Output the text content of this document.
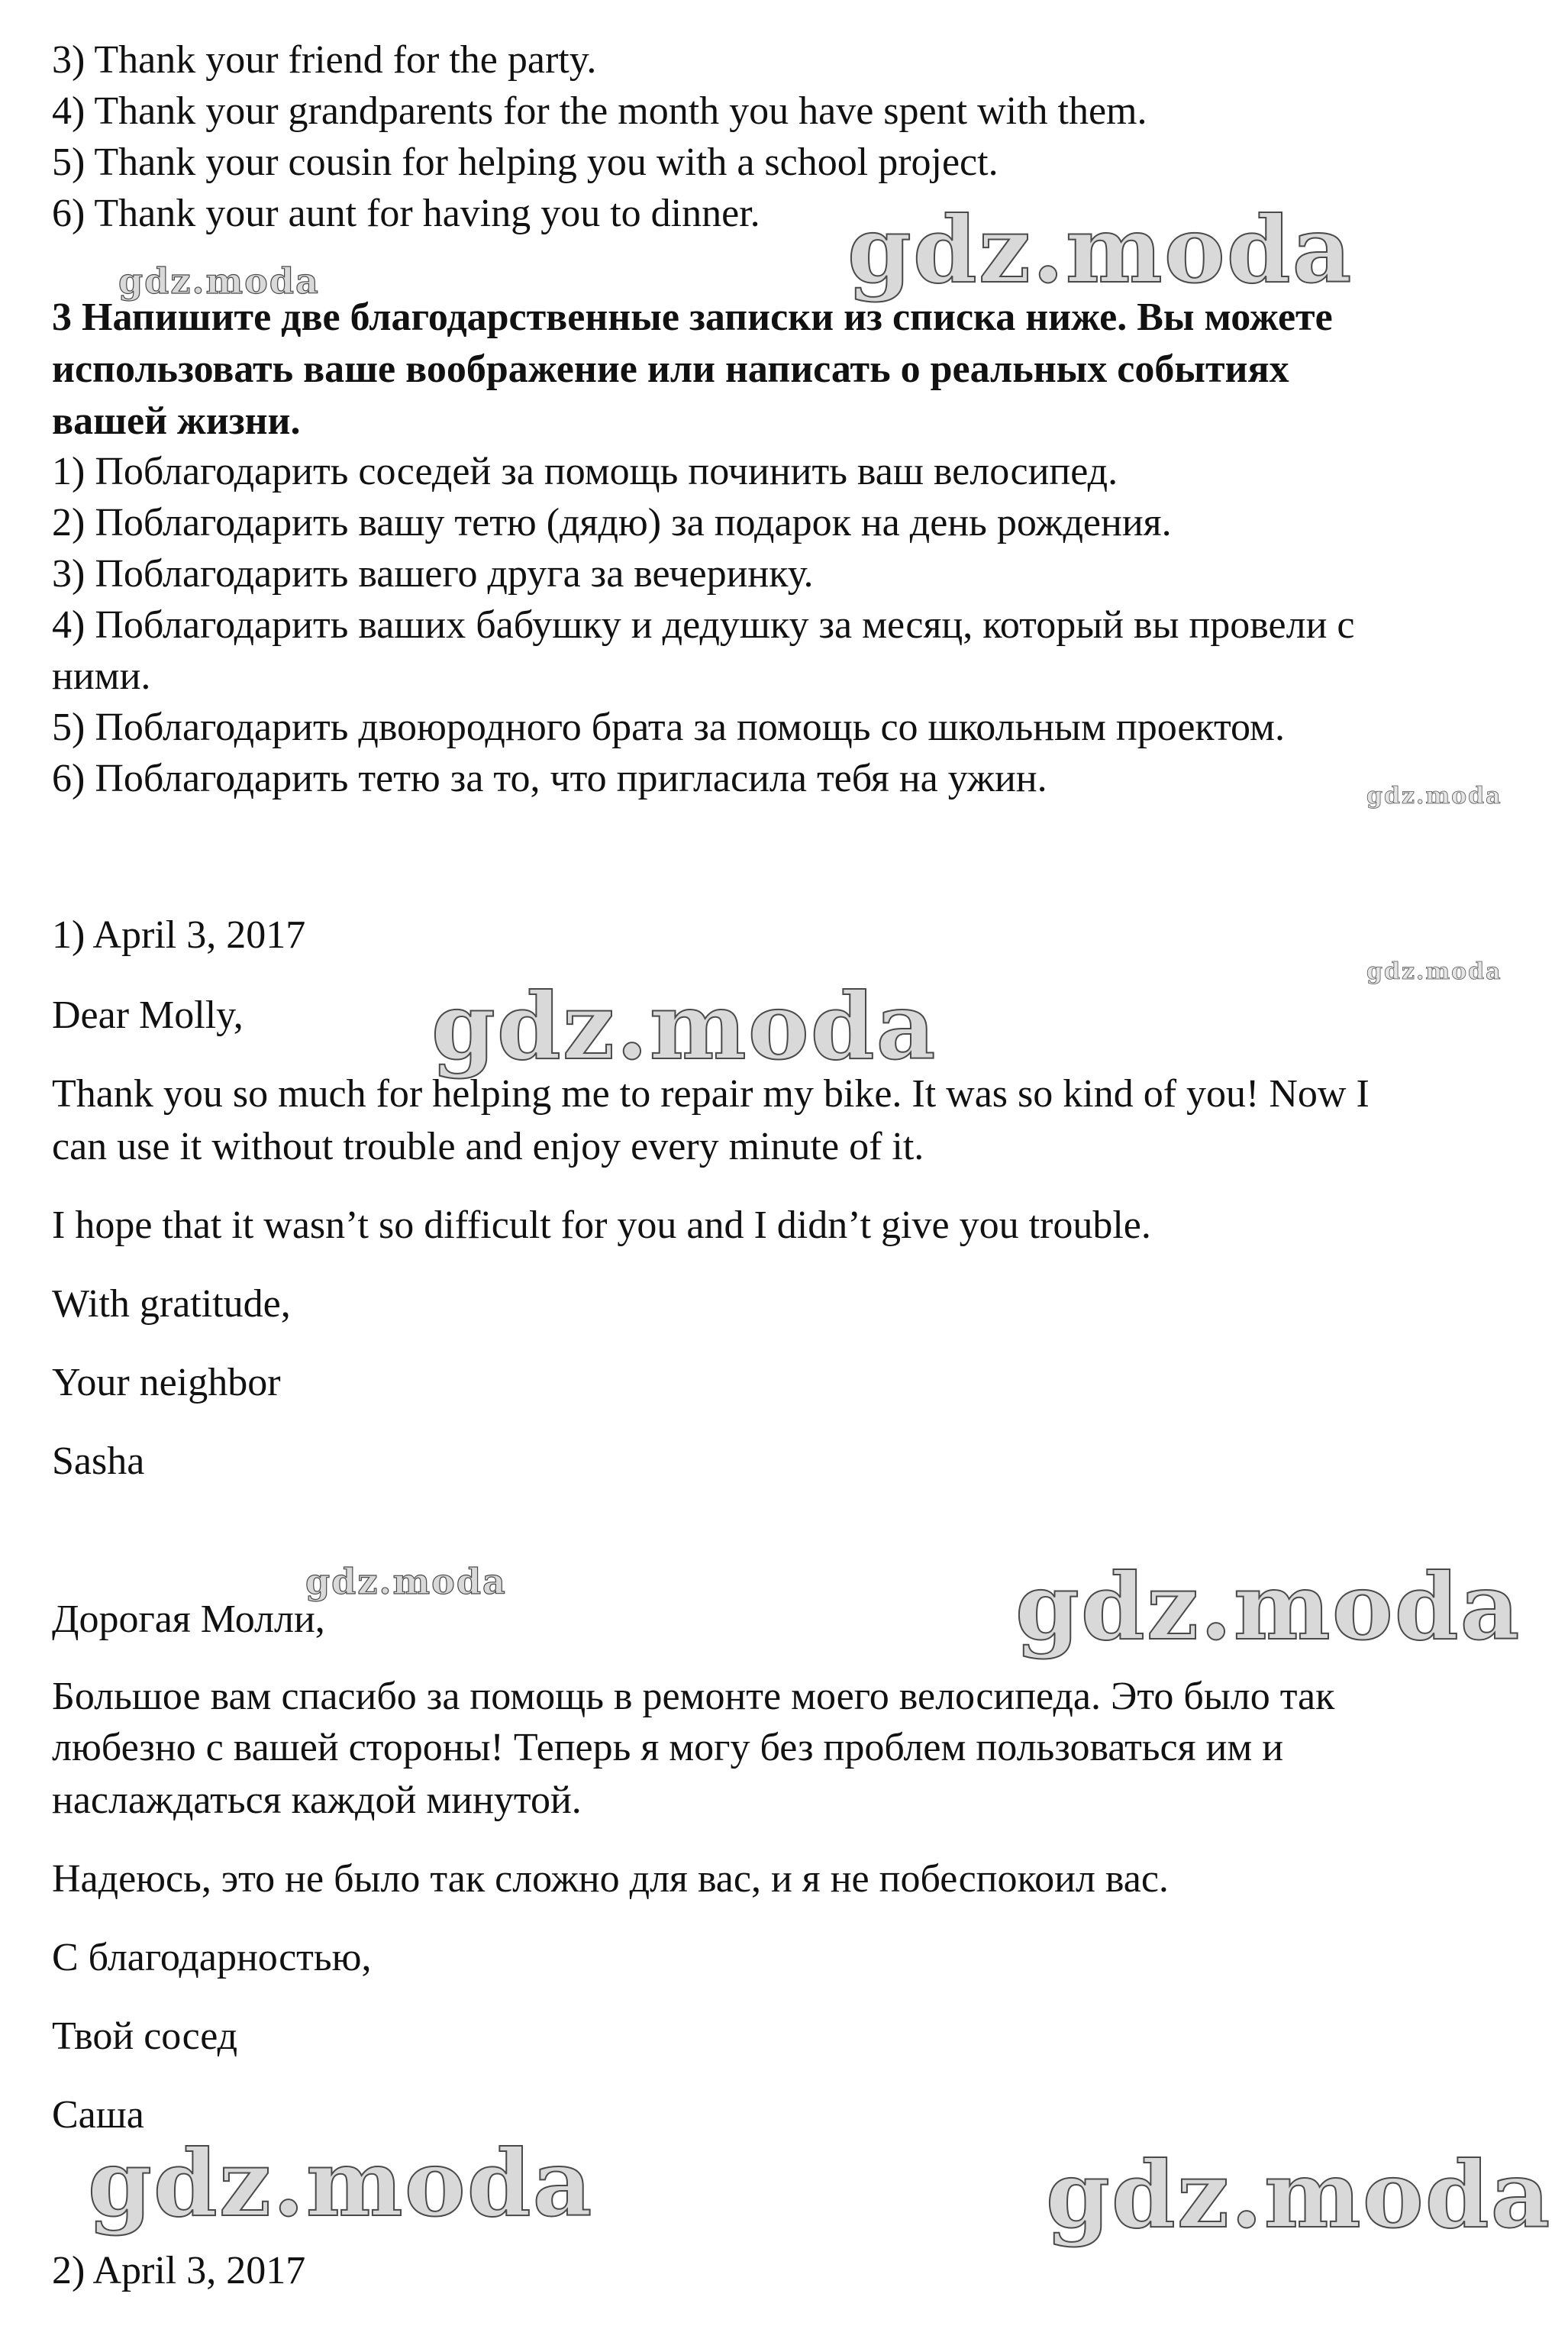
3) Thank your friend for the party.
4) Thank your grandparents for the month you have spent with them.
5) Thank your cousin for helping you with a school project.
6) Thank your aunt for having you to dinner.
3 Напишите две благодарственные записки из списка ниже. Вы можете
использовать ваше воображение или написать о реальных событиях
вашей жизни.
1) Поблагодарить соседей за помощь починить ваш велосипед.
2) Поблагодарить вашу тетю (дядю) за подарок на день рождения.
3) Поблагодарить вашего друга за вечеринку.
4) Поблагодарить ваших бабушку и дедушку за месяц, который вы провели с
ними.
5) Поблагодарить двоюродного брата за помощь со школьным проектом.
6) Поблагодарить тетю за то, что пригласила тебя на ужин.
1) April 3, 2017
Dear Molly,
Thank you so much for helping me to repair my bike. It was so kind of you! Now I
can use it without trouble and enjoy every minute of it.
I hope that it wasn’t so difficult for you and I didn’t give you trouble.
With gratitude,
Your neighbor
Sasha
Дорогая Молли,
Большое вам спасибо за помощь в ремонте моего велосипеда. Это было так
любезно с вашей стороны! Теперь я могу без проблем пользоваться им и
наслаждаться каждой минутой.
Надеюсь, это не было так сложно для вас, и я не побеспокоил вас.
С благодарностью,
Твой сосед
Саша
2) April 3, 2017
gdz.moda
gdz.moda
gdz.moda
gdz.moda
gdz.moda
gdz.moda	gdz.moda
gdz.moda	gdz.moda
